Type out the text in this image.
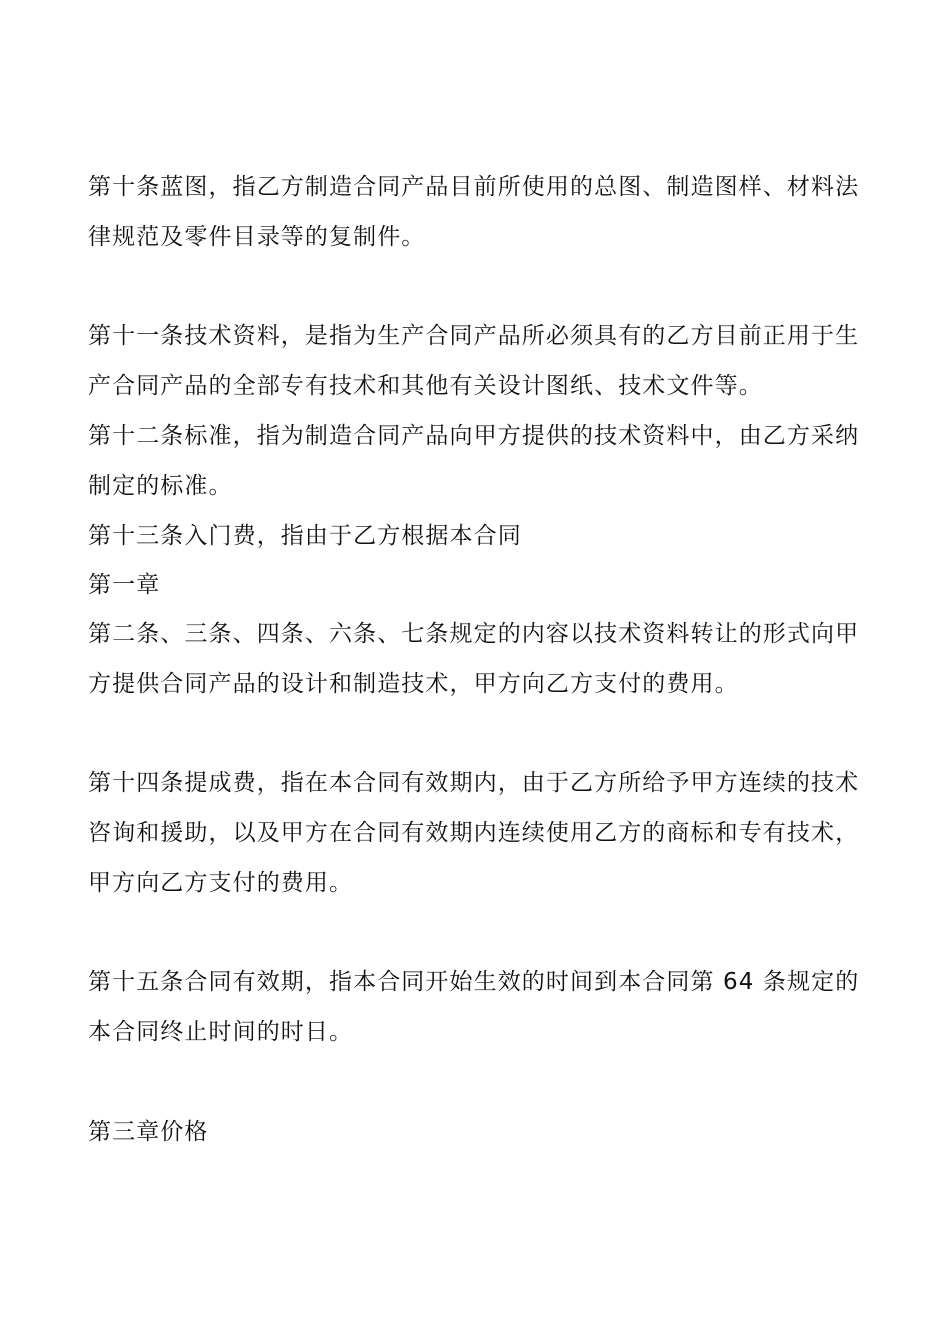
第十条蓝图，指乙方制造合同产品目前所使用的总图、制造图样、材料法律规范及零件目录等的复制件。

第十一条技术资料，是指为生产合同产品所必须具有的乙方目前正用于生产合同产品的全部专有技术和其他有关设计图纸、技术文件等。

第十二条标准，指为制造合同产品向甲方提供的技术资料中，由乙方采纳制定的标准。

第十三条入门费，指由于乙方根据本合同

第一章

第二条、三条、四条、六条、七条规定的内容以技术资料转让的形式向甲方提供合同产品的设计和制造技术，甲方向乙方支付的费用。

第十四条提成费，指在本合同有效期内，由于乙方所给予甲方连续的技术咨询和援助，以及甲方在合同有效期内连续使用乙方的商标和专有技术，甲方向乙方支付的费用。

第十五条合同有效期，指本合同开始生效的时间到本合同第 64 条规定的本合同终止时间的时日。

第三章价格
